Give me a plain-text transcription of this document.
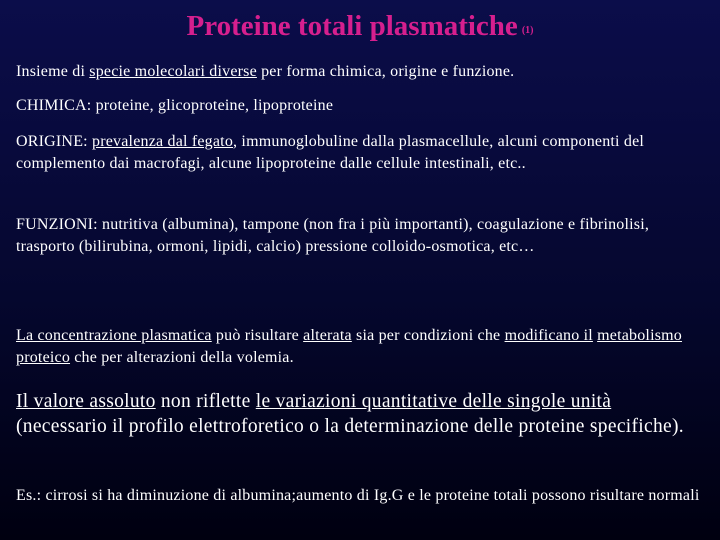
Proteine totali plasmatiche $^{(1)}$

Insieme di specie molecolari diverse per forma chimica, origine e funzione.

CHIMICA: proteine, glicoproteine, lipoproteine

ORIGINE: prevalenza dal fegato, immunoglobuline dalla plasmacellule, alcuni componenti del complemento dai macrofagi, alcune lipoproteine dalle cellule intestinali, etc..

FUNZIONI: nutritiva (albumina), tampone (non fra i più importanti), coagulazione e fibrinolisi, trasporto (bilirubina, ormoni, lipidi, calcio) pressione colloido-osmotica, etc…

La concentrazione plasmatica può risultare alterata sia per condizioni che modificano il metabolismo proteico che per alterazioni della volemia.

Il valore assoluto non riflette le variazioni quantitative delle singole unità (necessario il profilo elettroforetico o la determinazione delle proteine specifiche).

Es.: cirrosi si ha diminuzione di albumina;aumento di Ig.G e le proteine totali possono risultare normali
